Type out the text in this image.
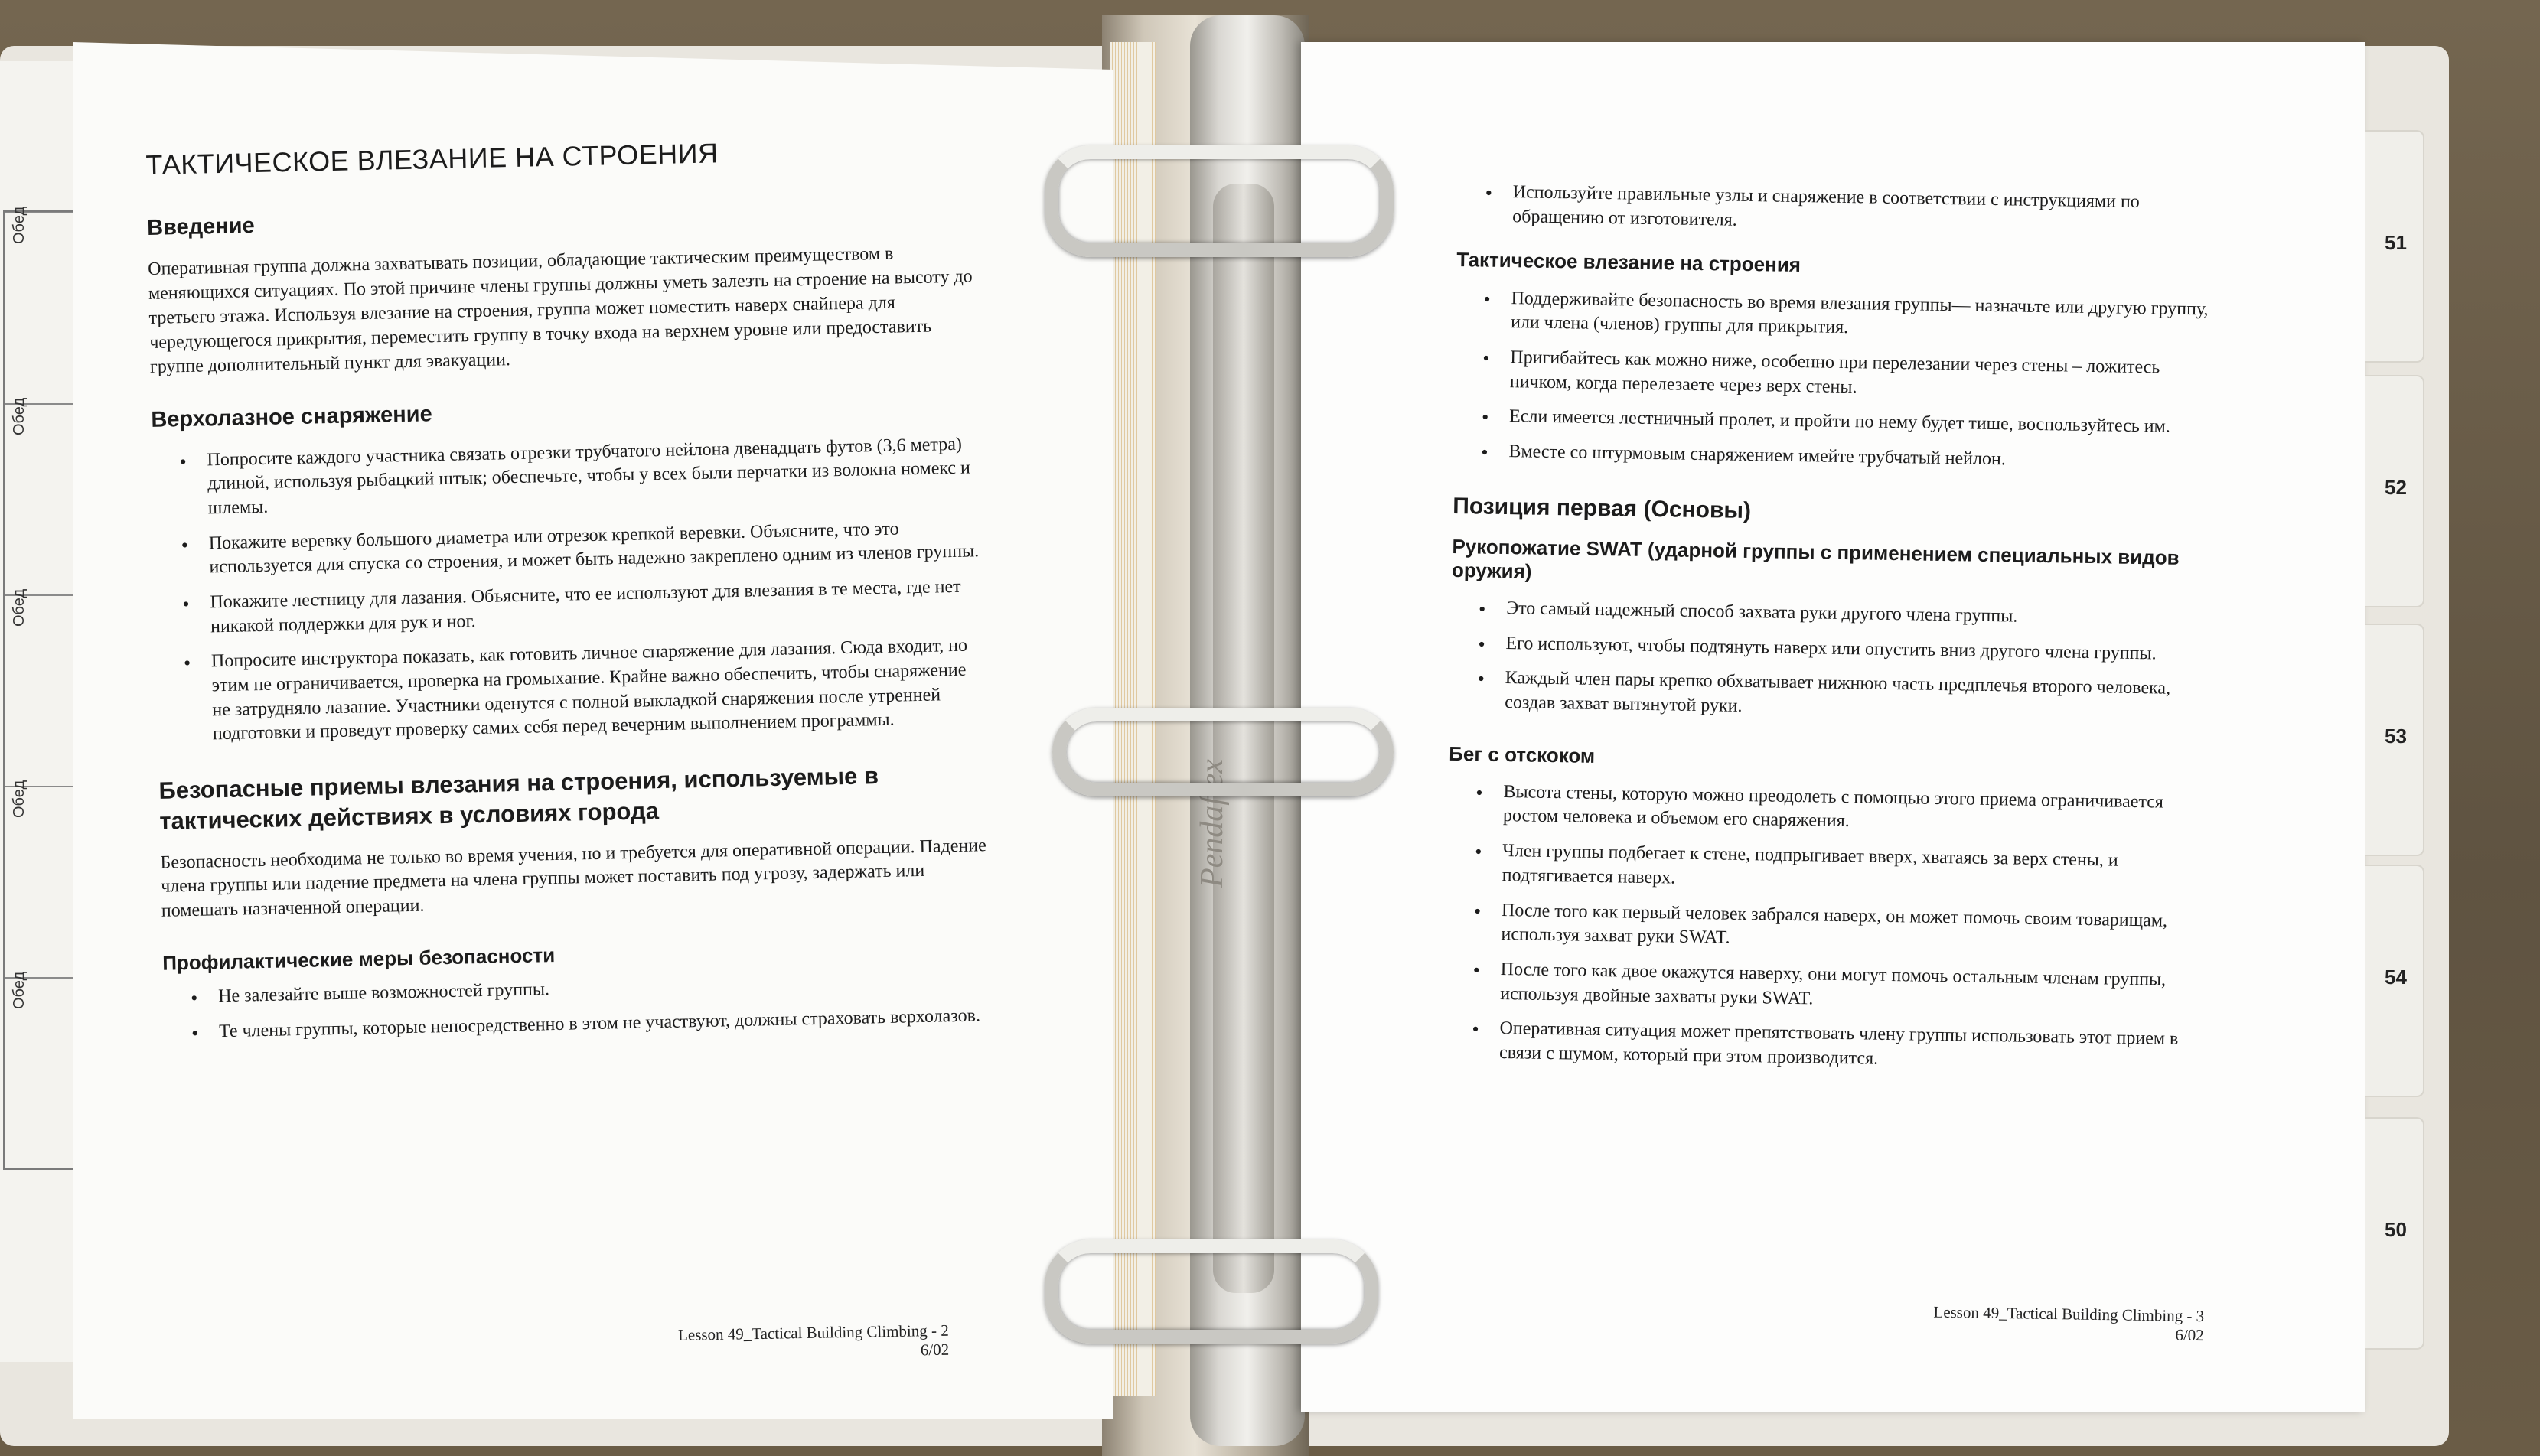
Обед
Обед
Обед
Обед
Обед
Pendaflex
ТАКТИЧЕСКОЕ ВЛЕЗАНИЕ НА СТРОЕНИЯ
Введение

Оперативная группа должна захватывать позиции, обладающие тактическим преимуществом в меняющихся ситуациях. По этой причине члены группы должны уметь залезть на строение на высоту до третьего этажа. Используя влезание на строения, группа может поместить наверх снайпера для чередующегося прикрытия, переместить группу в точку входа на верхнем уровне или предоставить группе дополнительный пункт для эвакуации.

Верхолазное снаряжение
• Попросите каждого участника связать отрезки трубчатого нейлона двенадцать футов (3,6 метра) длиной, используя рыбацкий штык; обеспечьте, чтобы у всех были перчатки из волокна номекс и шлемы.
• Покажите веревку большого диаметра или отрезок крепкой веревки. Объясните, что это используется для спуска со строения, и может быть надежно закреплено одним из членов группы.
• Покажите лестницу для лазания. Объясните, что ее используют для влезания в те места, где нет никакой поддержки для рук и ног.
• Попросите инструктора показать, как готовить личное снаряжение для лазания. Сюда входит, но этим не ограничивается, проверка на громыхание. Крайне важно обеспечить, чтобы снаряжение не затрудняло лазание. Участники оденутся с полной выкладкой снаряжения после утренней подготовки и проведут проверку самих себя перед вечерним выполнением программы.
Безопасные приемы влезания на строения, используемые в тактических действиях в условиях города

Безопасность необходима не только во время учения, но и требуется для оперативной операции. Падение члена группы или падение предмета на члена группы может поставить под угрозу, задержать или помешать назначенной операции.

Профилактические меры безопасности
• Не залезайте выше возможностей группы.
• Те члены группы, которые непосредственно в этом не участвуют, должны страховать верхолазов.
Lesson 49_Tactical Building Climbing - 2
6/02
• Используйте правильные узлы и снаряжение в соответствии с инструкциями по обращению от изготовителя.
Тактическое влезание на строения
• Поддерживайте безопасность во время влезания группы— назначьте или другую группу, или члена (членов) группы для прикрытия.
• Пригибайтесь как можно ниже, особенно при перелезании через стены – ложитесь ничком, когда перелезаете через верх стены.
• Если имеется лестничный пролет, и пройти по нему будет тише, воспользуйтесь им.
• Вместе со штурмовым снаряжением имейте трубчатый нейлон.
Позиция первая (Основы)
Рукопожатие SWAT (ударной группы с применением специальных видов оружия)
• Это самый надежный способ захвата руки другого члена группы.
• Его используют, чтобы подтянуть наверх или опустить вниз другого члена группы.
• Каждый член пары крепко обхватывает нижнюю часть предплечья второго человека, создав захват вытянутой руки.
Бег с отскоком
• Высота стены, которую можно преодолеть с помощью этого приема ограничивается ростом человека и объемом его снаряжения.
• Член группы подбегает к стене, подпрыгивает вверх, хватаясь за верх стены, и подтягивается наверх.
• После того как первый человек забрался наверх, он может помочь своим товарищам, используя захват руки SWAT.
• После того как двое окажутся наверху, они могут помочь остальным членам группы, используя двойные захваты руки SWAT.
• Оперативная ситуация может препятствовать члену группы использовать этот прием в связи с шумом, который при этом производится.
Lesson 49_Tactical Building Climbing - 3
6/02
51
52
53
54
50
